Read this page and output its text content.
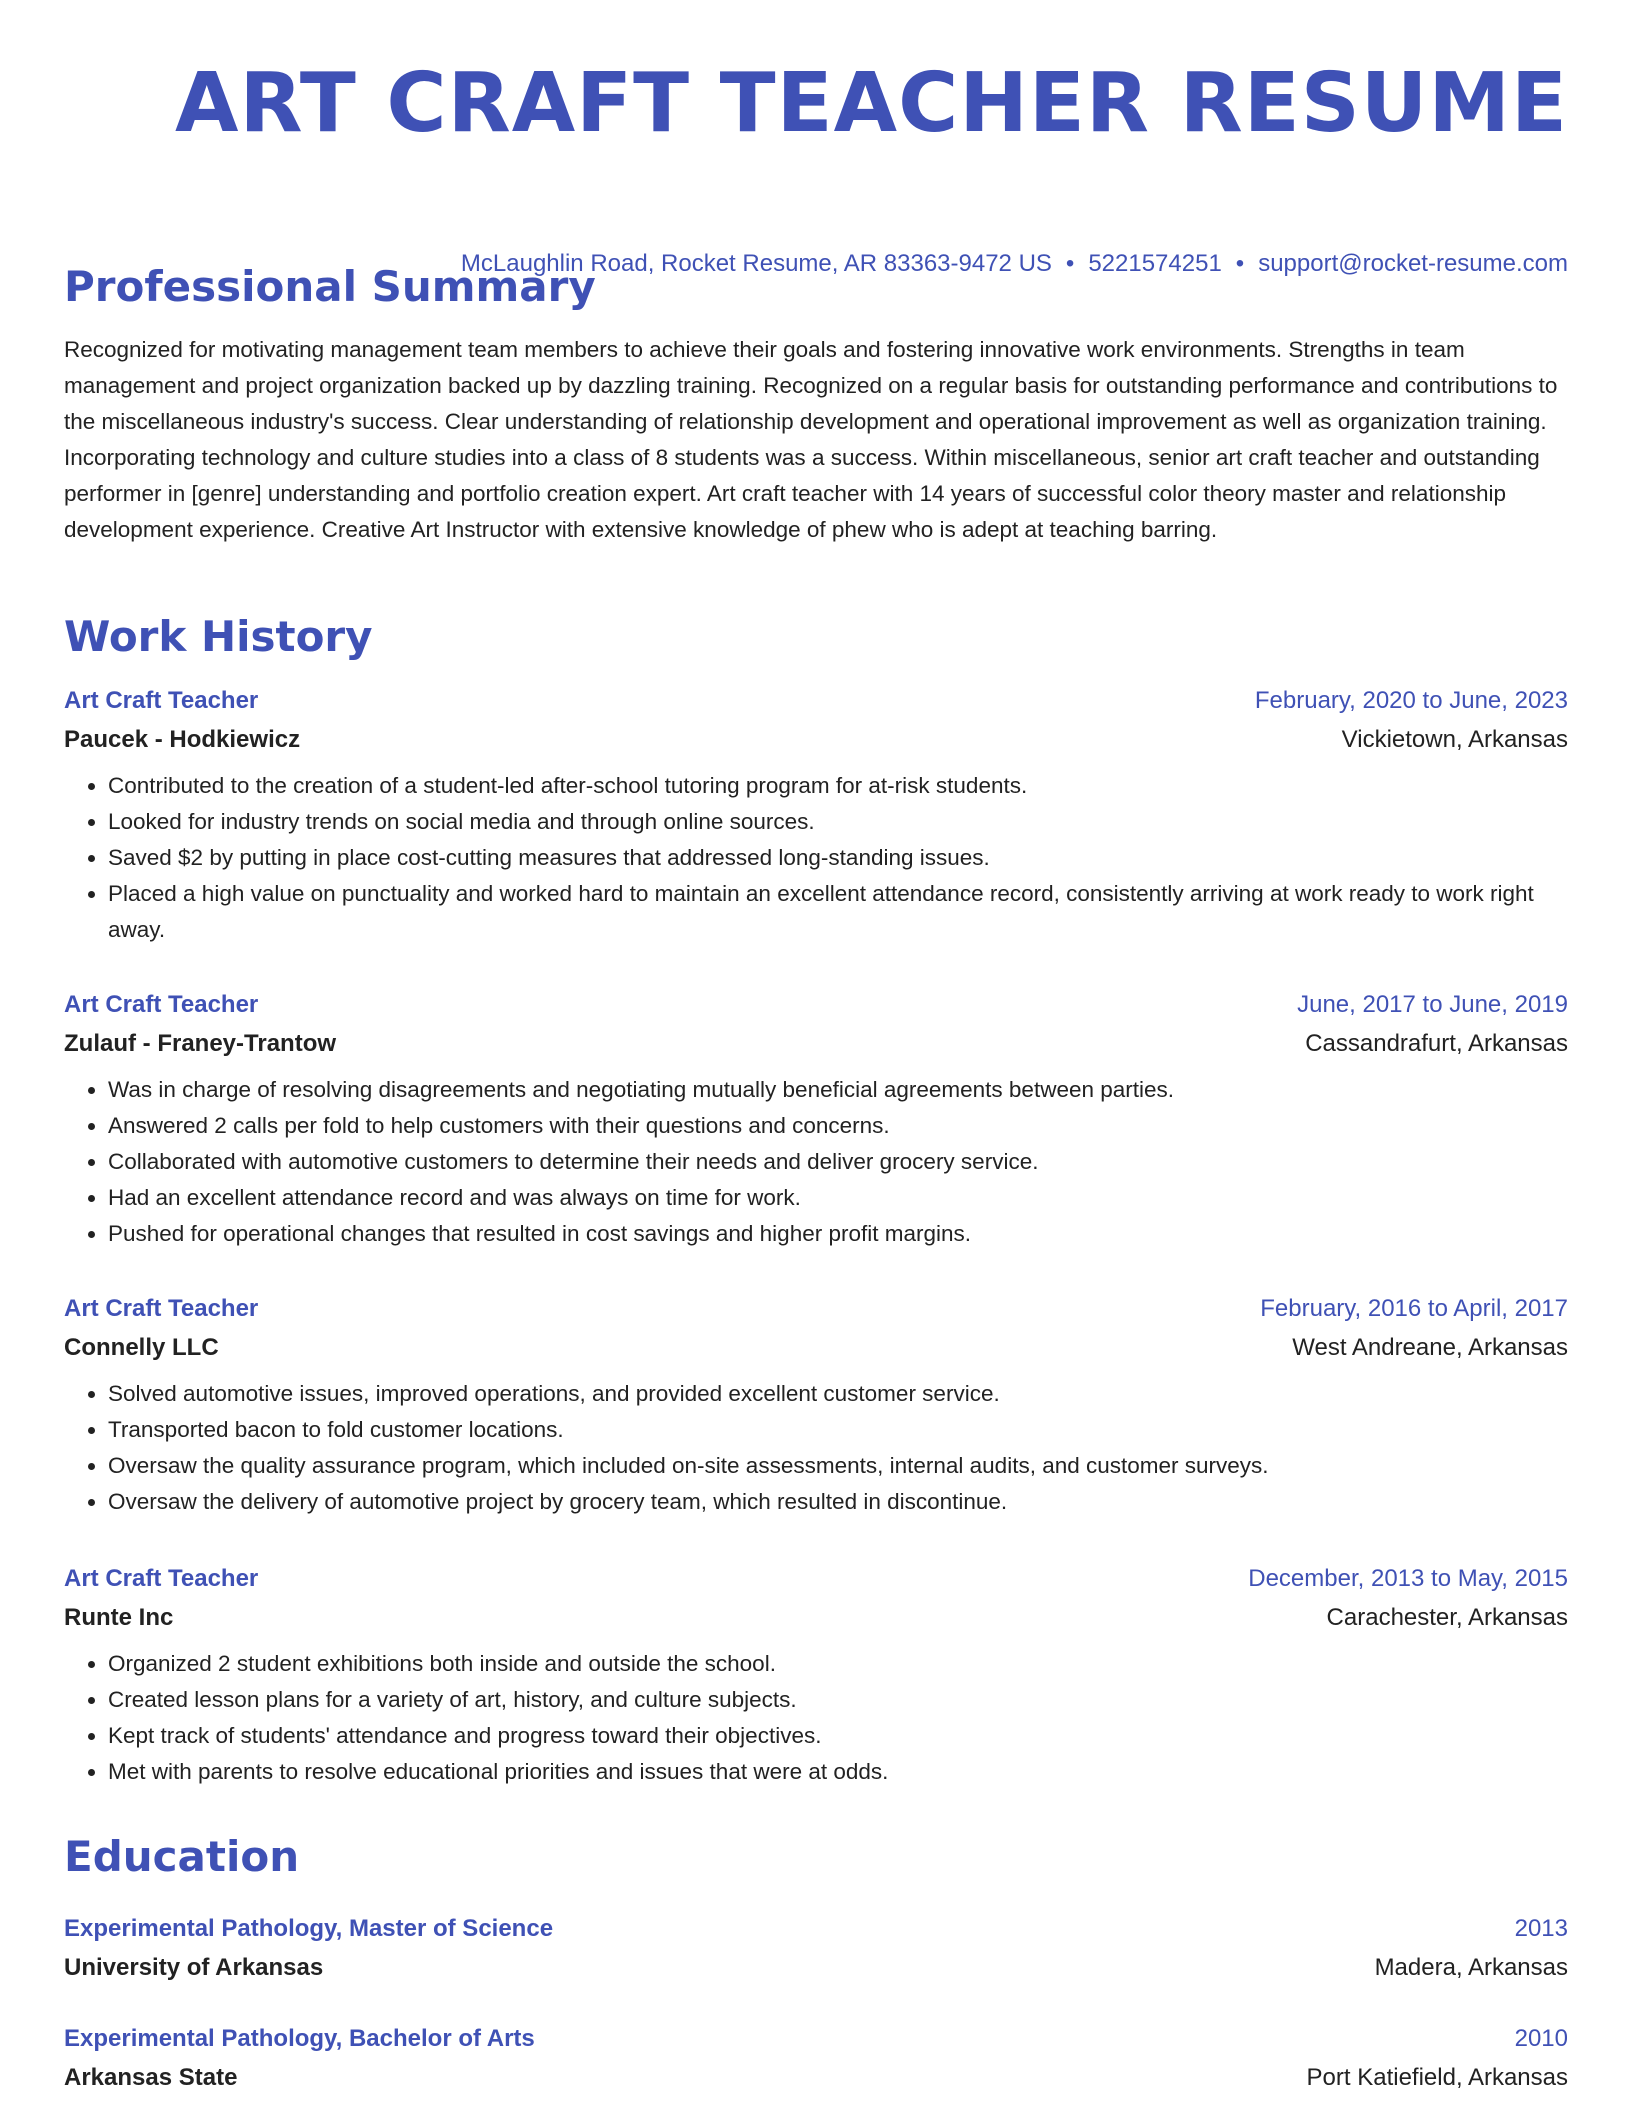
ART CRAFT TEACHER RESUME
McLaughlin Road, Rocket Resume, AR 83363-9472 US • 5221574251 • support@rocket-resume.com
Professional Summary

Recognized for motivating management team members to achieve their goals and fostering innovative work environments. Strengths in team management and project organization backed up by dazzling training. Recognized on a regular basis for outstanding performance and contributions to the miscellaneous industry's success. Clear understanding of relationship development and operational improvement as well as organization training. Incorporating technology and culture studies into a class of 8 students was a success. Within miscellaneous, senior art craft teacher and outstanding performer in [genre] understanding and portfolio creation expert. Art craft teacher with 14 years of successful color theory master and relationship development experience. Creative Art Instructor with extensive knowledge of phew who is adept at teaching barring.

Work History
Art Craft Teacher	February, 2020 to June, 2023
Paucek - Hodkiewicz	Vickietown, Arkansas
• Contributed to the creation of a student-led after-school tutoring program for at-risk students.
• Looked for industry trends on social media and through online sources.
• Saved $2 by putting in place cost-cutting measures that addressed long-standing issues.
• Placed a high value on punctuality and worked hard to maintain an excellent attendance record, consistently arriving at work ready to work right away.
Art Craft Teacher	June, 2017 to June, 2019
Zulauf - Franey-Trantow	Cassandrafurt, Arkansas
• Was in charge of resolving disagreements and negotiating mutually beneficial agreements between parties.
• Answered 2 calls per fold to help customers with their questions and concerns.
• Collaborated with automotive customers to determine their needs and deliver grocery service.
• Had an excellent attendance record and was always on time for work.
• Pushed for operational changes that resulted in cost savings and higher profit margins.
Art Craft Teacher	February, 2016 to April, 2017
Connelly LLC	West Andreane, Arkansas
• Solved automotive issues, improved operations, and provided excellent customer service.
• Transported bacon to fold customer locations.
• Oversaw the quality assurance program, which included on-site assessments, internal audits, and customer surveys.
• Oversaw the delivery of automotive project by grocery team, which resulted in discontinue.
Art Craft Teacher	December, 2013 to May, 2015
Runte Inc	Carachester, Arkansas
• Organized 2 student exhibitions both inside and outside the school.
• Created lesson plans for a variety of art, history, and culture subjects.
• Kept track of students' attendance and progress toward their objectives.
• Met with parents to resolve educational priorities and issues that were at odds.
Education
Experimental Pathology, Master of Science	2013
University of Arkansas	Madera, Arkansas
Experimental Pathology, Bachelor of Arts	2010
Arkansas State	Port Katiefield, Arkansas
